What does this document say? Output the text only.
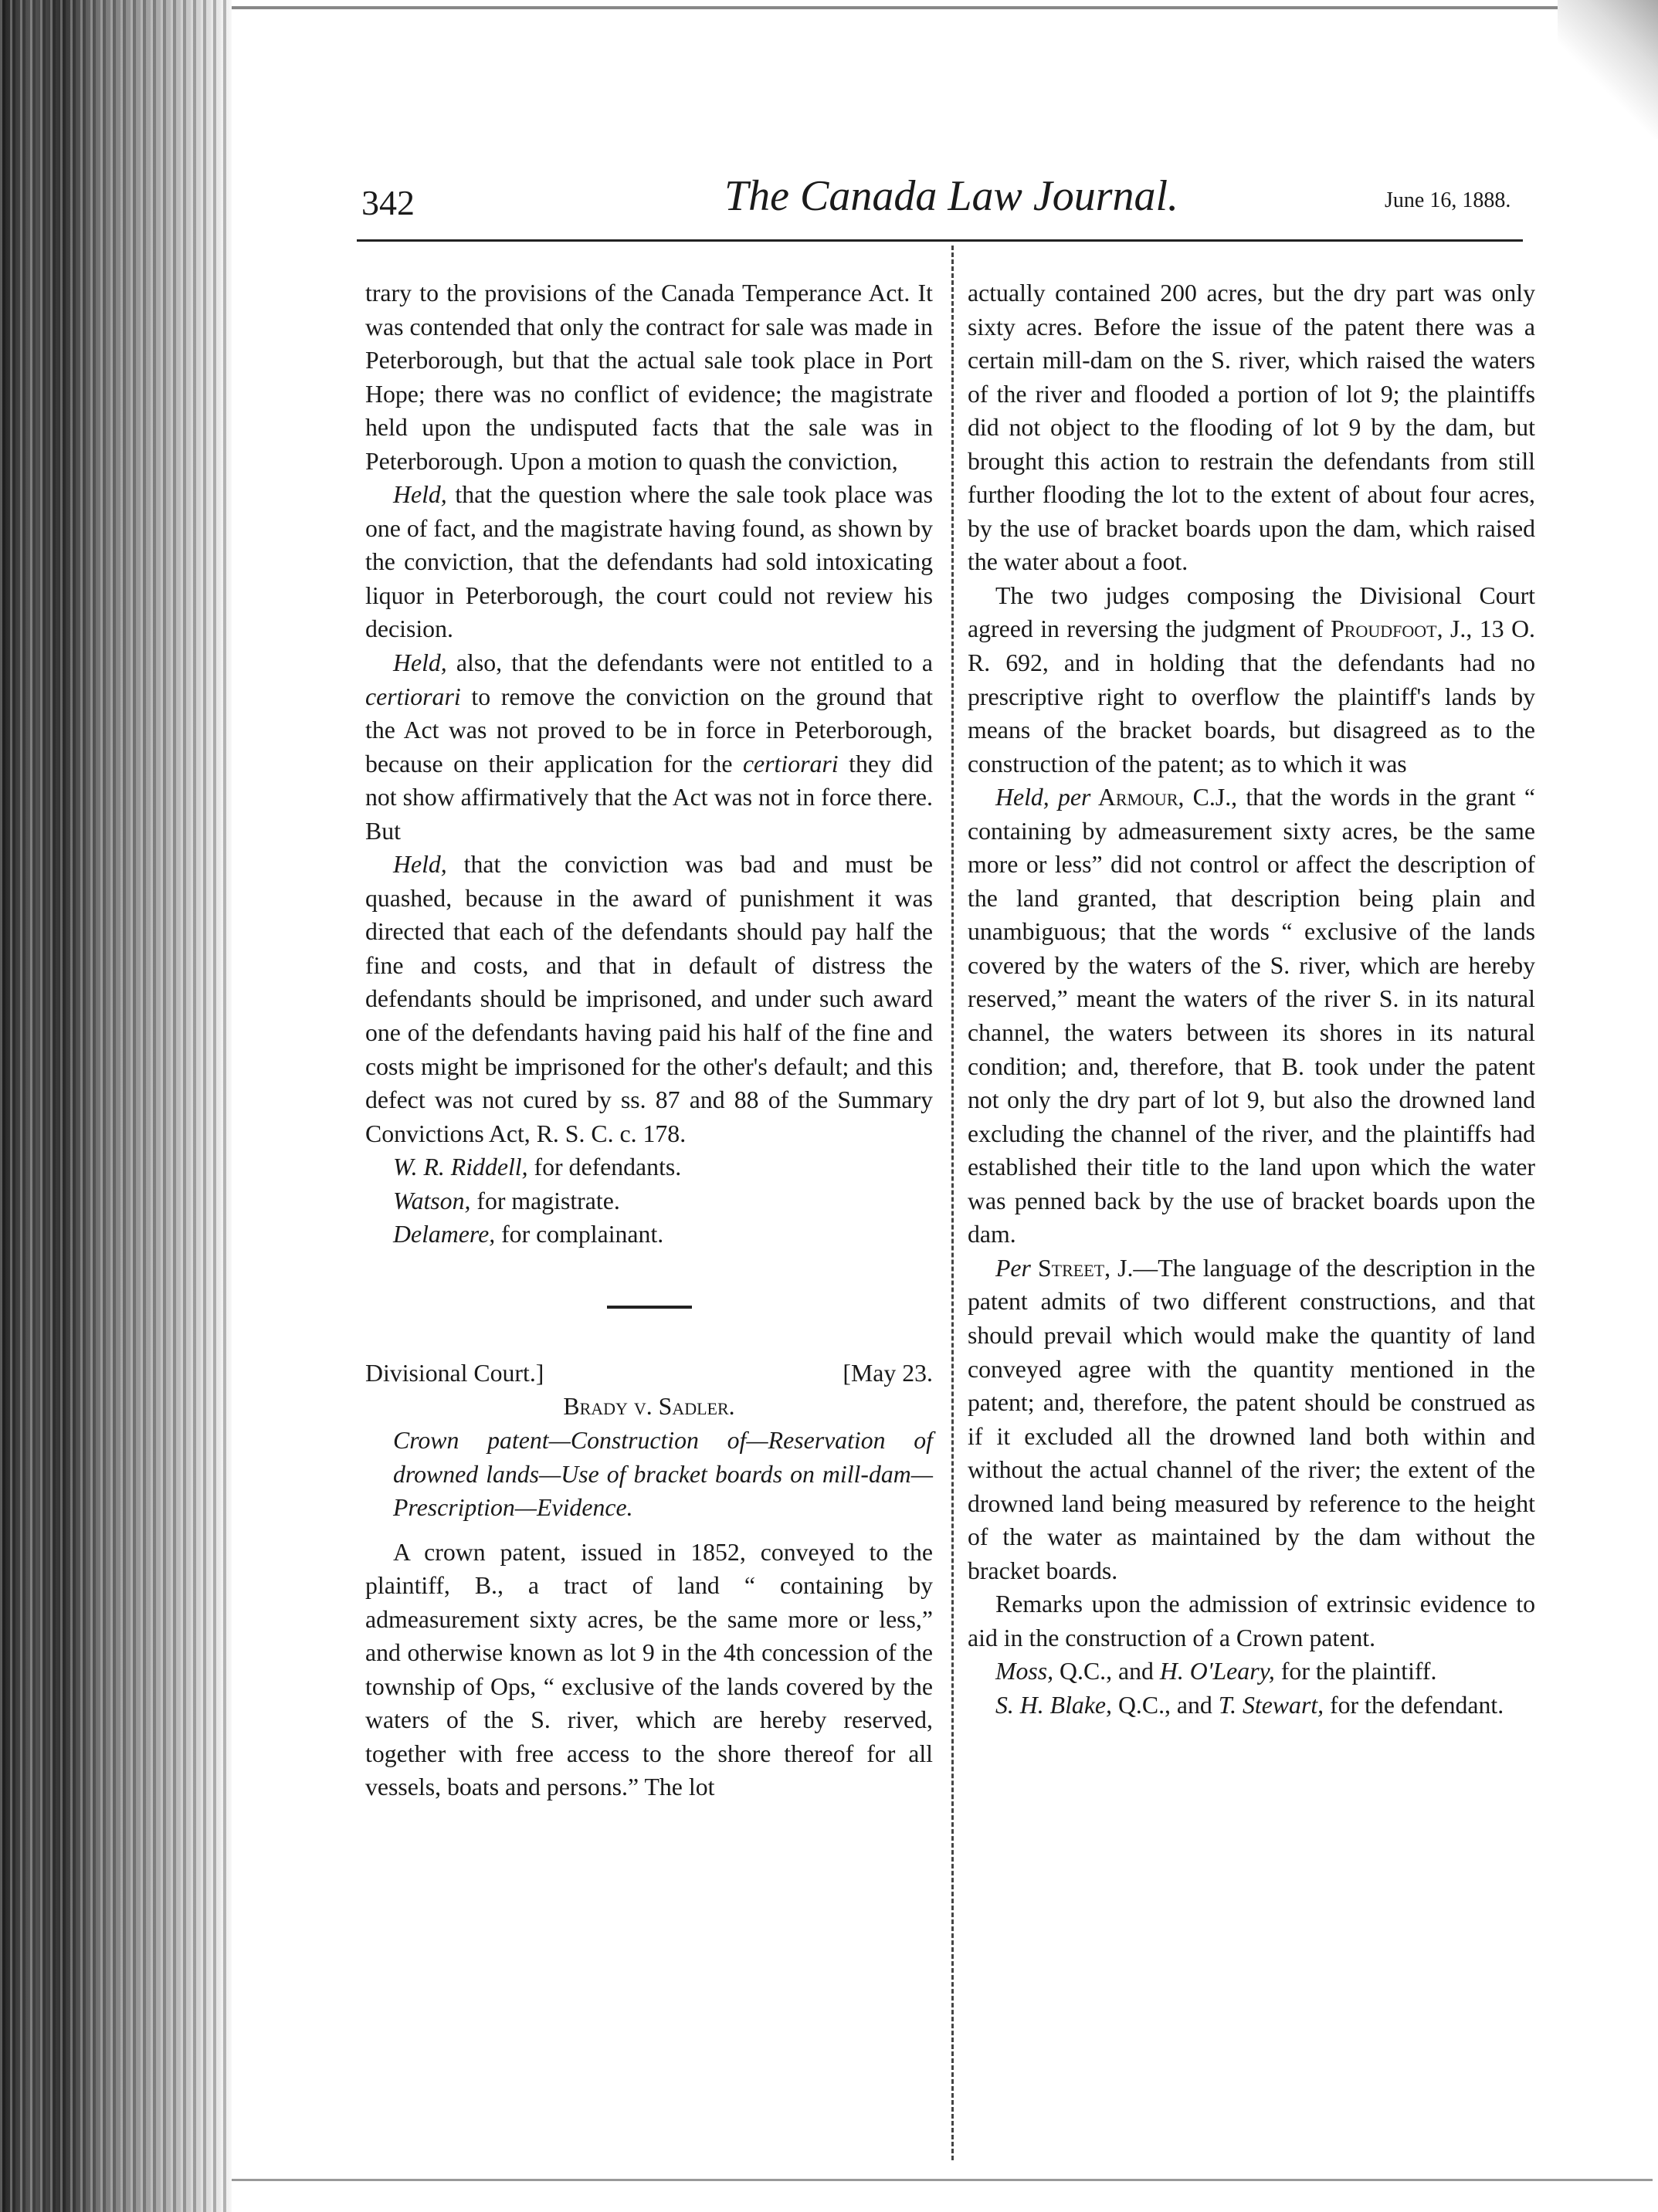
342	The Canada Law Journal.	June 16, 1888.

trary to the provisions of the Canada Temperance Act. It was contended that only the contract for sale was made in Peterborough, but that the actual sale took place in Port Hope; there was no conflict of evidence; the magistrate held upon the undisputed facts that the sale was in Peterborough. Upon a motion to quash the conviction,

Held, that the question where the sale took place was one of fact, and the magistrate having found, as shown by the conviction, that the defendants had sold intoxicating liquor in Peterborough, the court could not review his decision.

Held, also, that the defendants were not entitled to a certiorari to remove the conviction on the ground that the Act was not proved to be in force in Peterborough, because on their application for the certiorari they did not show affirmatively that the Act was not in force there. But

Held, that the conviction was bad and must be quashed, because in the award of punishment it was directed that each of the defendants should pay half the fine and costs, and that in default of distress the defendants should be imprisoned, and under such award one of the defendants having paid his half of the fine and costs might be imprisoned for the other's default; and this defect was not cured by ss. 87 and 88 of the Summary Convictions Act, R. S. C. c. 178.

W. R. Riddell, for defendants.

Watson, for magistrate.

Delamere, for complainant.

Divisional Court.]	[May 23.

Brady v. Sadler.

Crown patent—Construction of—Reservation of drowned lands—Use of bracket boards on mill-dam—Prescription—Evidence.

A crown patent, issued in 1852, conveyed to the plaintiff, B., a tract of land “ containing by admeasurement sixty acres, be the same more or less,” and otherwise known as lot 9 in the 4th concession of the township of Ops, “ exclusive of the lands covered by the waters of the S. river, which are hereby reserved, together with free access to the shore thereof for all vessels, boats and persons.” The lot

actually contained 200 acres, but the dry part was only sixty acres. Before the issue of the patent there was a certain mill-dam on the S. river, which raised the waters of the river and flooded a portion of lot 9; the plaintiffs did not object to the flooding of lot 9 by the dam, but brought this action to restrain the defendants from still further flooding the lot to the extent of about four acres, by the use of bracket boards upon the dam, which raised the water about a foot.

The two judges composing the Divisional Court agreed in reversing the judgment of Proudfoot, J., 13 O. R. 692, and in holding that the defendants had no prescriptive right to overflow the plaintiff's lands by means of the bracket boards, but disagreed as to the construction of the patent; as to which it was

Held, per Armour, C.J., that the words in the grant “ containing by admeasurement sixty acres, be the same more or less” did not control or affect the description of the land granted, that description being plain and unambiguous; that the words “ exclusive of the lands covered by the waters of the S. river, which are hereby reserved,” meant the waters of the river S. in its natural channel, the waters between its shores in its natural condition; and, therefore, that B. took under the patent not only the dry part of lot 9, but also the drowned land excluding the channel of the river, and the plaintiffs had established their title to the land upon which the water was penned back by the use of bracket boards upon the dam.

Per Street, J.—The language of the description in the patent admits of two different constructions, and that should prevail which would make the quantity of land conveyed agree with the quantity mentioned in the patent; and, therefore, the patent should be construed as if it excluded all the drowned land both within and without the actual channel of the river; the extent of the drowned land being measured by reference to the height of the water as maintained by the dam without the bracket boards.

Remarks upon the admission of extrinsic evidence to aid in the construction of a Crown patent.

Moss, Q.C., and H. O'Leary, for the plaintiff.

S. H. Blake, Q.C., and T. Stewart, for the defendant.
